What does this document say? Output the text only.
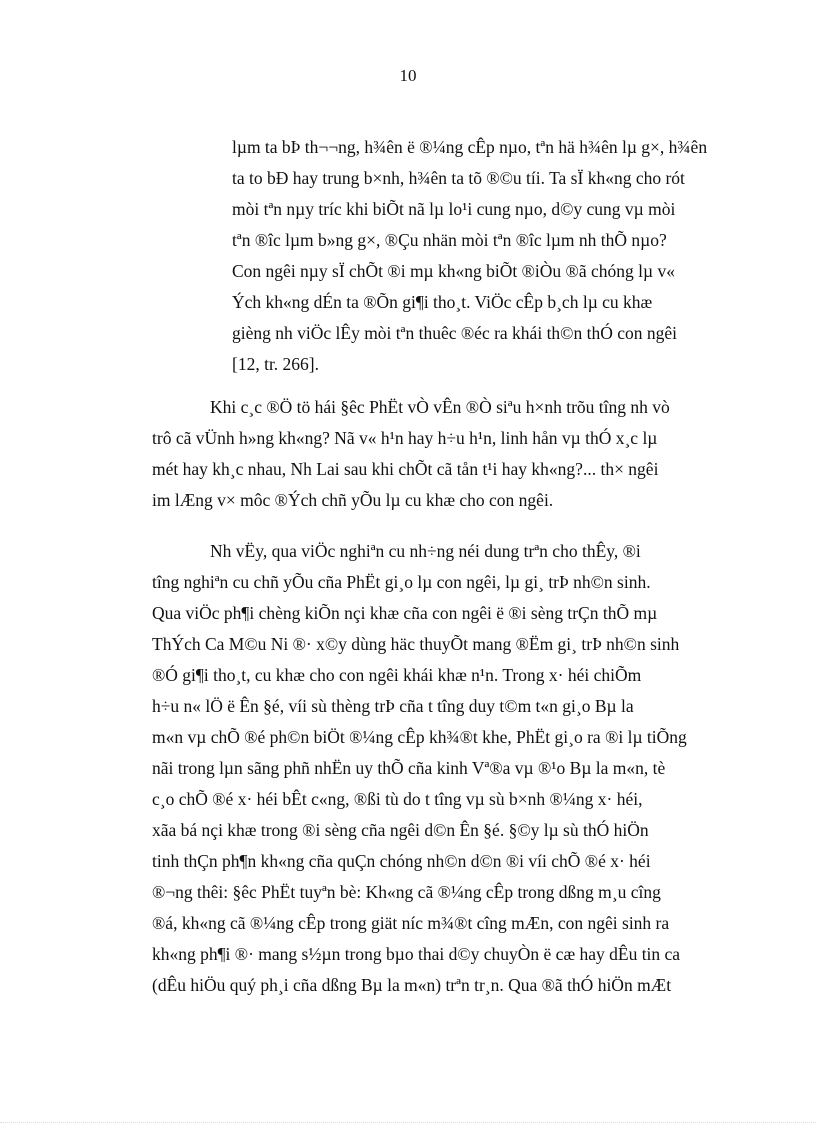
10
lµm ta bÞ th¬¬ng, h¾ên ë ®¼ng cÊp nµo, tªn hä h¾ên lµ g×, h¾ên
ta to bÐ hay trung b×nh, h¾ên ta tõ ®©u tíi. Ta sÏ kh«ng cho rót
mòi tªn nµy tríc khi biÕt nã lµ lo¹i cung nµo, d©y cung vµ mòi
tªn ®îc lµm b»ng g×, ®Çu nhän mòi tªn ®îc lµm nh thÕ nµo?
Con ngêi nµy sÏ chÕt ®i mµ kh«ng biÕt ®iÒu ®ã chóng lµ v«
Ých kh«ng dÉn ta ®Õn gi¶i tho¸t. ViÖc cÊp b¸ch lµ cu khæ
gièng nh viÖc lÊy mòi tªn thuêc ®éc ra khái th©n thÓ con ngêi
[12, tr. 266].
Khi c¸c ®Ö tö hái §êc PhËt vÒ vÊn ®Ò siªu h×nh trõu tîng nh vò
trô cã vÜnh h»ng kh«ng? Nã v« h¹n hay h÷u h¹n, linh hån vµ thÓ x¸c lµ
mét hay kh¸c nhau, Nh Lai sau khi chÕt cã tån t¹i hay kh«ng?... th× ngêi
im lÆng v× môc ®Ých chñ yÕu lµ cu khæ cho con ngêi.
Nh vËy, qua viÖc nghiªn cu nh÷ng néi dung trªn cho thÊy, ®i
tîng nghiªn cu chñ yÕu cña PhËt gi¸o lµ con ngêi, lµ gi¸ trÞ nh©n sinh.
Qua viÖc ph¶i chèng kiÕn nçi khæ cña con ngêi ë ®i sèng trÇn thÕ mµ
ThÝch Ca M©u Ni ®· x©y dùng häc thuyÕt mang ®Ëm gi¸ trÞ nh©n sinh
®Ó gi¶i tho¸t, cu khæ cho con ngêi khái khæ n¹n. Trong x· héi chiÕm
h÷u n« lÖ ë Ên §é, víi sù thèng trÞ cña t tîng duy t©m t«n gi¸o Bµ la
m«n vµ chÕ ®é ph©n biÖt ®¼ng cÊp kh¾®t khe, PhËt gi¸o ra ®i lµ tiÕng
nãi trong lµn sãng phñ nhËn uy thÕ cña kinh Vª®a vµ ®¹o Bµ la m«n, tè
c¸o chÕ ®é x· héi bÊt c«ng, ®ßi tù do t tîng vµ sù b×nh ®¼ng x· héi,
xãa bá nçi khæ trong ®i sèng cña ngêi d©n Ên §é. §©y lµ sù thÓ hiÖn
tinh thÇn ph¶n kh«ng cña quÇn chóng nh©n d©n ®i víi chÕ ®é x· héi
®¬ng thêi: §êc PhËt tuyªn bè: Kh«ng cã ®¼ng cÊp trong dßng m¸u cîng
®á, kh«ng cã ®¼ng cÊp trong giät níc m¾®t cîng mÆn, con ngêi sinh ra
kh«ng ph¶i ®· mang s½µn trong bµo thai d©y chuyÒn ë cæ hay dÊu tin ca
(dÊu hiÖu quý ph¸i cña dßng Bµ la m«n) trªn tr¸n. Qua ®ã thÓ hiÖn mÆt
